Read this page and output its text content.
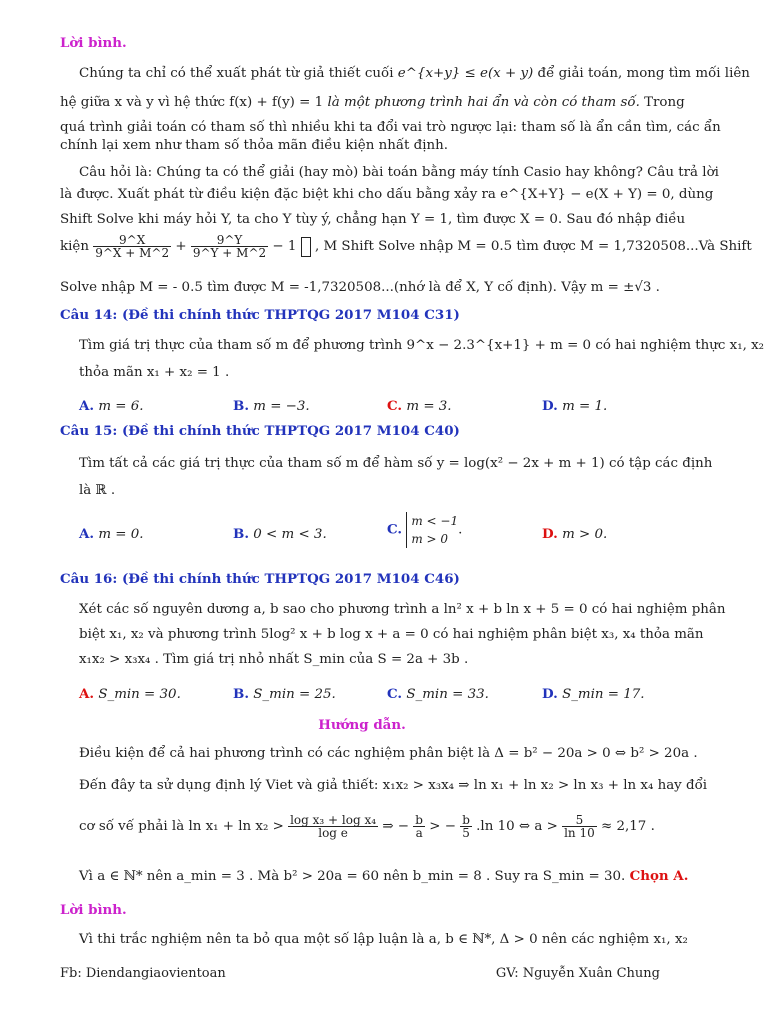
Lời bình.
Chúng ta chỉ có thể xuất phát từ giả thiết cuối e^{x+y} ≤ e(x + y) để giải toán, mong tìm mối liên
hệ giữa x và y vì hệ thức f(x) + f(y) = 1 là một phương trình hai ẩn và còn có tham số. Trong
quá trình giải toán có tham số thì nhiều khi ta đổi vai trò ngược lại: tham số là ẩn cần tìm, các ẩn
chính lại xem như tham số thỏa mãn điều kiện nhất định.
Câu hỏi là: Chúng ta có thể giải (hay mò) bài toán bằng máy tính Casio hay không? Câu trả lời
là được. Xuất phát từ điều kiện đặc biệt khi cho dấu bằng xảy ra e^{X+Y} − e(X + Y) = 0, dùng
Shift Solve khi máy hỏi Y, ta cho Y tùy ý, chẳng hạn Y = 1, tìm được X = 0. Sau đó nhập điều
kiện $\frac{9\^{}X}{9\^{}X + M\^{}2} + \frac{9\^{}Y}{9\^{}Y + M\^{}2} - 1$ , M Shift Solve nhập M = 0.5 tìm được M = 1,7320508...Và Shift
Solve nhập M = - 0.5 tìm được M = -1,7320508...(nhớ là để X, Y cố định). Vậy m = ±√3 .
Câu 14: (Đề thi chính thức THPTQG 2017 M104 C31)
Tìm giá trị thực của tham số m để phương trình 9^x − 2.3^{x+1} + m = 0 có hai nghiệm thực x₁, x₂
thỏa mãn x₁ + x₂ = 1 .
A. m = 6.	B. m = −3.	C. m = 3.	D. m = 1.
Câu 15: (Đề thi chính thức THPTQG 2017 M104 C40)
Tìm tất cả các giá trị thực của tham số m để hàm số y = log(x² − 2x + m + 1) có tập các định
là ℝ .
A. m = 0.	B. 0 < m < 3.	C.
m < −1
m > 0
.	D. m > 0.
Câu 16: (Đề thi chính thức THPTQG 2017 M104 C46)
Xét các số nguyên dương a, b sao cho phương trình a ln² x + b ln x + 5 = 0 có hai nghiệm phân
biệt x₁, x₂ và phương trình 5log² x + b log x + a = 0 có hai nghiệm phân biệt x₃, x₄ thỏa mãn
x₁x₂ > x₃x₄ . Tìm giá trị nhỏ nhất S_min của S = 2a + 3b .
A. S_min = 30.	B. S_min = 25.	C. S_min = 33.	D. S_min = 17.
Hướng dẫn.
Điều kiện để cả hai phương trình có các nghiệm phân biệt là Δ = b² − 20a > 0 ⇔ b² > 20a .
Đến đây ta sử dụng định lý Viet và giả thiết: x₁x₂ > x₃x₄ ⇒ ln x₁ + ln x₂ > ln x₃ + ln x₄ hay đổi
cơ số vế phải là $\ln x_1 + \ln x_2 > \frac{\text{log x₃ + log x₄}}{\text{log e}}$ ⇒ − $\frac{b}{a}$ > − $\frac{b}{5} .\ln$ 10 ⇔ $a > \frac{5}{\ln 10} \approx 2,17$ .
Vì a ∈ ℕ* nên a_min = 3 . Mà b² > 20a = 60 nên b_min = 8 . Suy ra S_min = 30. Chọn A.
Lời bình.
Vì thi trắc nghiệm nên ta bỏ qua một số lập luận là a, b ∈ ℕ*, Δ > 0 nên các nghiệm x₁, x₂
Fb: Diendangiaovientoan	GV: Nguyễn Xuân Chung
